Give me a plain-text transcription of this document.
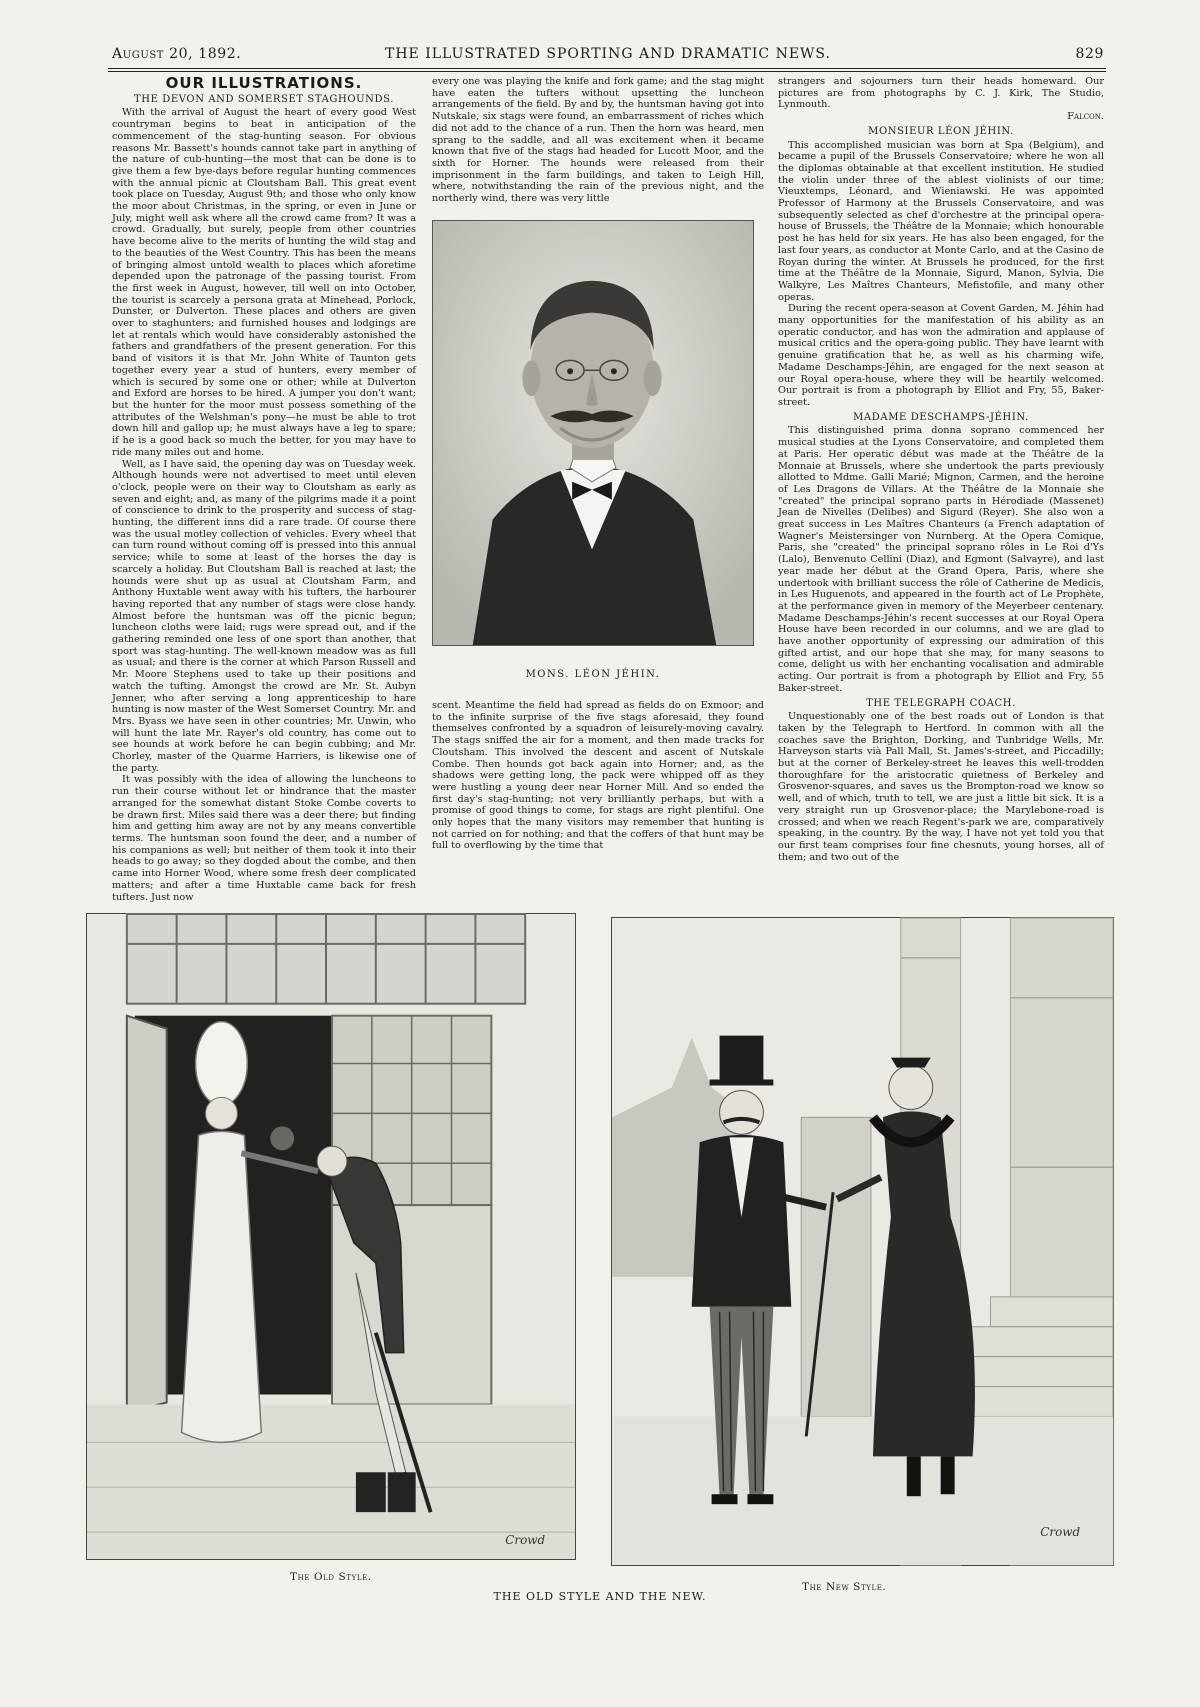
THE ILLUSTRATED SPORTING AND DRAMATIC NEWS.
August 20, 1892.	829
OUR ILLUSTRATIONS.
THE DEVON AND SOMERSET STAGHOUNDS.

With the arrival of August the heart of every good West countryman begins to beat in anticipation of the commencement of the stag-hunting season. For obvious reasons Mr. Bassett's hounds cannot take part in anything of the nature of cub-hunting—the most that can be done is to give them a few bye-days before regular hunting commences with the annual picnic at Cloutsham Ball. This great event took place on Tuesday, August 9th; and those who only know the moor about Christmas, in the spring, or even in June or July, might well ask where all the crowd came from? It was a crowd. Gradually, but surely, people from other countries have become alive to the merits of hunting the wild stag and to the beauties of the West Country. This has been the means of bringing almost untold wealth to places which aforetime depended upon the patronage of the passing tourist. From the first week in August, however, till well on into October, the tourist is scarcely a persona grata at Minehead, Porlock, Dunster, or Dulverton. These places and others are given over to staghunters; and furnished houses and lodgings are let at rentals which would have considerably astonished the fathers and grandfathers of the present generation. For this band of visitors it is that Mr. John White of Taunton gets together every year a stud of hunters, every member of which is secured by some one or other; while at Dulverton and Exford are horses to be hired. A jumper you don't want; but the hunter for the moor must possess something of the attributes of the Welshman's pony—he must be able to trot down hill and gallop up; he must always have a leg to spare; if he is a good back so much the better, for you may have to ride many miles out and home.

Well, as I have said, the opening day was on Tuesday week. Although hounds were not advertised to meet until eleven o'clock, people were on their way to Cloutsham as early as seven and eight; and, as many of the pilgrims made it a point of conscience to drink to the prosperity and success of stag-hunting, the different inns did a rare trade. Of course there was the usual motley collection of vehicles. Every wheel that can turn round without coming off is pressed into this annual service; while to some at least of the horses the day is scarcely a holiday. But Cloutsham Ball is reached at last; the hounds were shut up as usual at Cloutsham Farm, and Anthony Huxtable went away with his tufters, the harbourer having reported that any number of stags were close handy. Almost before the huntsman was off the picnic begun; luncheon cloths were laid; rugs were spread out, and if the gathering reminded one less of one sport than another, that sport was stag-hunting. The well-known meadow was as full as usual; and there is the corner at which Parson Russell and Mr. Moore Stephens used to take up their positions and watch the tufting. Amongst the crowd are Mr. St. Aubyn Jenner, who after serving a long apprenticeship to hare hunting is now master of the West Somerset Country. Mr. and Mrs. Byass we have seen in other countries; Mr. Unwin, who will hunt the late Mr. Rayer's old country, has come out to see hounds at work before he can begin cubbing; and Mr. Chorley, master of the Quarme Harriers, is likewise one of the party.

It was possibly with the idea of allowing the luncheons to run their course without let or hindrance that the master arranged for the somewhat distant Stoke Combe coverts to be drawn first. Miles said there was a deer there; but finding him and getting him away are not by any means convertible terms. The huntsman soon found the deer, and a number of his companions as well; but neither of them took it into their heads to go away; so they dogded about the combe, and then came into Horner Wood, where some fresh deer complicated matters; and after a time Huxtable came back for fresh tufters. Just now

every one was playing the knife and fork game; and the stag might have eaten the tufters without upsetting the luncheon arrangements of the field. By and by, the huntsman having got into Nutskale, six stags were found, an embarrassment of riches which did not add to the chance of a run. Then the horn was heard, men sprang to the saddle, and all was excitement when it became known that five of the stags had headed for Lucott Moor, and the sixth for Horner. The hounds were released from their imprisonment in the farm buildings, and taken to Leigh Hill, where, notwithstanding the rain of the previous night, and the northerly wind, there was very little

MONS. LÉON JÉHIN.

scent. Meantime the field had spread as fields do on Exmoor; and to the infinite surprise of the five stags aforesaid, they found themselves confronted by a squadron of leisurely-moving cavalry. The stags sniffed the air for a moment, and then made tracks for Cloutsham. This involved the descent and ascent of Nutskale Combe. Then hounds got back again into Horner; and, as the shadows were getting long, the pack were whipped off as they were hustling a young deer near Horner Mill. And so ended the first day's stag-hunting; not very brilliantly perhaps, but with a promise of good things to come, for stags are right plentiful. One only hopes that the many visitors may remember that hunting is not carried on for nothing; and that the coffers of that hunt may be full to overflowing by the time that

strangers and sojourners turn their heads homeward. Our pictures are from photographs by C. J. Kirk, The Studio, Lynmouth.

Falcon.
MONSIEUR LÉON JÉHIN.

This accomplished musician was born at Spa (Belgium), and became a pupil of the Brussels Conservatoire; where he won all the diplomas obtainable at that excellent institution. He studied the violin under three of the ablest violinists of our time; Vieuxtemps, Léonard, and Wieniawski. He was appointed Professor of Harmony at the Brussels Conservatoire, and was subsequently selected as chef d'orchestre at the principal opera-house of Brussels, the Théâtre de la Monnaie; which honourable post he has held for six years. He has also been engaged, for the last four years, as conductor at Monte Carlo, and at the Casino de Royan during the winter. At Brussels he produced, for the first time at the Théâtre de la Monnaie, Sigurd, Manon, Sylvia, Die Walkyre, Les Maîtres Chanteurs, Mefistofile, and many other operas.

During the recent opera-season at Covent Garden, M. Jéhin had many opportunities for the manifestation of his ability as an operatic conductor, and has won the admiration and applause of musical critics and the opera-going public. They have learnt with genuine gratification that he, as well as his charming wife, Madame Deschamps-Jéhin, are engaged for the next season at our Royal opera-house, where they will be heartily welcomed. Our portrait is from a photograph by Elliot and Fry, 55, Baker-street.

MADAME DESCHAMPS-JÉHIN.

This distinguished prima donna soprano commenced her musical studies at the Lyons Conservatoire, and completed them at Paris. Her operatic début was made at the Théâtre de la Monnaie at Brussels, where she undertook the parts previously allotted to Mdme. Galli Marié; Mignon, Carmen, and the heroine of Les Dragons de Villars. At the Théâtre de la Monnaie she "created" the principal soprano parts in Hérodiade (Massenet) Jean de Nivelles (Delibes) and Sigurd (Reyer). She also won a great success in Les Maîtres Chanteurs (a French adaptation of Wagner's Meistersinger von Nurnberg. At the Opera Comique, Paris, she "created" the principal soprano rôles in Le Roi d'Ys (Lalo), Benvenuto Cellini (Diaz), and Egmont (Salvayre), and last year made her début at the Grand Opera, Paris, where she undertook with brilliant success the rôle of Catherine de Medicis, in Les Huguenots, and appeared in the fourth act of Le Prophète, at the performance given in memory of the Meyerbeer centenary. Madame Deschamps-Jéhin's recent successes at our Royal Opera House have been recorded in our columns, and we are glad to have another opportunity of expressing our admiration of this gifted artist, and our hope that she may, for many seasons to come, delight us with her enchanting vocalisation and admirable acting. Our portrait is from a photograph by Elliot and Fry, 55 Baker-street.

THE TELEGRAPH COACH.

Unquestionably one of the best roads out of London is that taken by the Telegraph to Hertford. In common with all the coaches save the Brighton, Dorking, and Tunbridge Wells, Mr. Harveyson starts vià Pall Mall, St. James's-street, and Piccadilly; but at the corner of Berkeley-street he leaves this well-trodden thoroughfare for the aristocratic quietness of Berkeley and Grosvenor-squares, and saves us the Brompton-road we know so well, and of which, truth to tell, we are just a little bit sick. It is a very straight run up Grosvenor-place; the Marylebone-road is crossed; and when we reach Regent's-park we are, comparatively speaking, in the country. By the way, I have not yet told you that our first team comprises four fine chesnuts, young horses, all of them; and two out of the

Crowd
The Old Style.
Crowd
The New Style.
THE OLD STYLE AND THE NEW.
